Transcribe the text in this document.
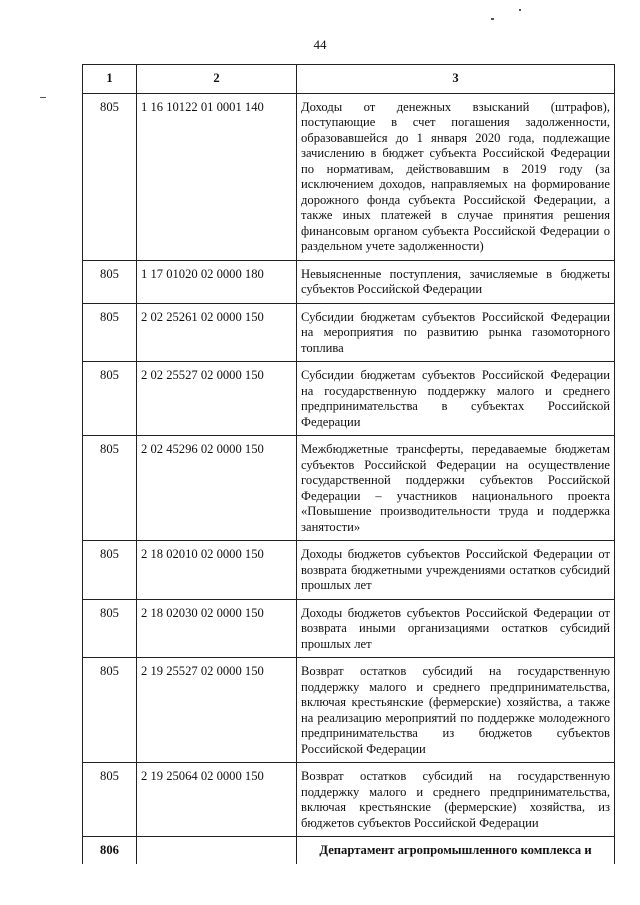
44
1	2	3
805	1 16 10122 01 0001 140	Доходы от денежных взысканий (штрафов), поступающие в счет погашения задолженности, образовавшейся до 1 января 2020 года, подлежащие зачислению в бюджет субъекта Российской Федерации по нормативам, действовавшим в 2019 году (за исключением доходов, направляемых на формирование дорожного фонда субъекта Российской Федерации, а также иных платежей в случае принятия решения финансовым органом субъекта Российской Федерации о раздельном учете задолженности)
805	1 17 01020 02 0000 180	Невыясненные поступления, зачисляемые в бюджеты субъектов Российской Федерации
805	2 02 25261 02 0000 150	Субсидии бюджетам субъектов Российской Федерации на мероприятия по развитию рынка газомоторного топлива
805	2 02 25527 02 0000 150	Субсидии бюджетам субъектов Российской Федерации на государственную поддержку малого и среднего предпринимательства в субъектах Российской Федерации
805	2 02 45296 02 0000 150	Межбюджетные трансферты, передаваемые бюджетам субъектов Российской Федерации на осуществление государственной поддержки субъектов Российской Федерации – участников национального проекта «Повышение производительности труда и поддержка занятости»
805	2 18 02010 02 0000 150	Доходы бюджетов субъектов Российской Федерации от возврата бюджетными учреждениями остатков субсидий прошлых лет
805	2 18 02030 02 0000 150	Доходы бюджетов субъектов Российской Федерации от возврата иными организациями остатков субсидий прошлых лет
805	2 19 25527 02 0000 150	Возврат остатков субсидий на государственную поддержку малого и среднего предпринимательства, включая крестьянские (фермерские) хозяйства, а также на реализацию мероприятий по поддержке молодежного предпринимательства из бюджетов субъектов Российской Федерации
805	2 19 25064 02 0000 150	Возврат остатков субсидий на государственную поддержку малого и среднего предпринимательства, включая крестьянские (фермерские) хозяйства, из бюджетов субъектов Российской Федерации
806		Департамент агропромышленного комплекса и
